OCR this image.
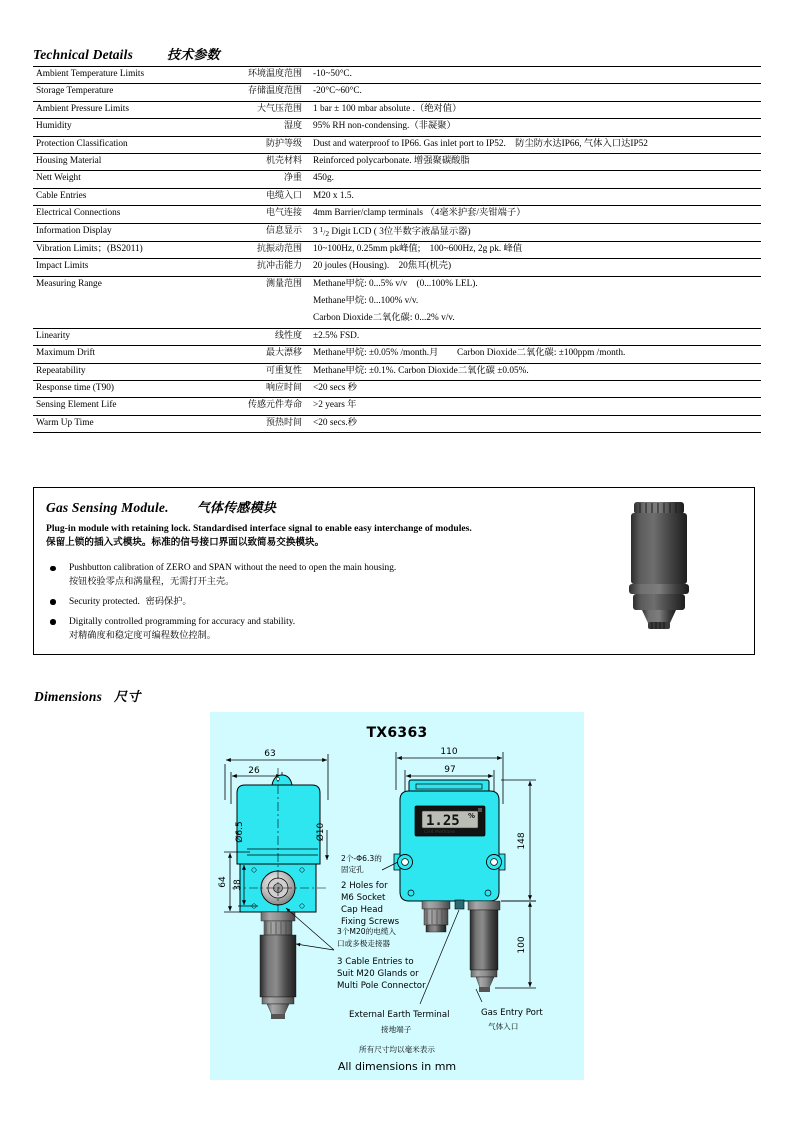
Technical Details	技术参数
Ambient Temperature Limits	环境温度范围	-10~50°C.
Storage Temperature	存储温度范围	-20°C~60°C.
Ambient Pressure Limits	大气压范围	1 bar ± 100 mbar absolute .（绝对值）
Humidity	湿度	95% RH non-condensing.（非凝聚）
Protection Classification	防护等级	Dust and waterproof to IP66. Gas inlet port to IP52.　防尘防水达IP66, 气体入口达IP52
Housing Material	机壳材料	Reinforced polycarbonate. 增强聚碳酸脂
Nett Weight	净重	450g.
Cable Entries	电缆入口	M20 x 1.5.
Electrical Connections	电气连接	4mm Barrier/clamp terminals （4毫米护套/夹钳端子）
Information Display	信息显示	3 $^1/_2$ Digit LCD ( 3位半数字液晶显示器)
Vibration Limits；(BS2011)	抗振动范围	10~100Hz, 0.25mm pk峰值;　100~600Hz, 2g pk. 峰值
Impact Limits	抗冲击能力	20 joules (Housing).　20焦耳(机壳)
Measuring Range	测量范围	Methane甲烷: 0...5% v/v　(0...100% LEL).
Methane甲烷: 0...100% v/v.
Carbon Dioxide二氧化碳: 0...2% v/v.

Linearity	线性度	±2.5% FSD.
Maximum Drift	最大漂移	Methane甲烷: ±0.05% /month.月　　Carbon Dioxide二氧化碳: ±100ppm /month.
Repeatability	可重复性	Methane甲烷: ±0.1%. Carbon Dioxide二氧化碳 ±0.05%.
Response time (T90)	响应时间	<20 secs 秒
Sensing Element Life	传感元件寿命	>2 years 年
Warm Up Time	预热时间	<20 secs.秒
Gas Sensing Module. 气体传感模块
Plug-in module with retaining lock. Standardised interface signal to enable easy interchange of modules.
保留上锁的插入式模块。标准的信号接口界面以致简易交换模块。
Pushbutton calibration of ZERO and SPAN without the need to open the main housing.
按钮校验零点和满量程，无需打开主壳。
Security protected.  密码保护。
Digitally controlled programming for accuracy and stability.
对精确度和稳定度可编程数位控制。
Dimensions 尺寸
TX6363
63
26
Ø6.5	Ø10
64 38
110
97
1.25 %
CH4 Methane	148
100
2个-Φ6.3的
固定孔
2 Holes for
M6 Socket
Cap Head
Fixing Screws
3个M20的电缆入
口或多极走接器
3 Cable Entries to
Suit M20 Glands or
Multi Pole Connector
External Earth Terminal
接地端子
Gas Entry Port
气体入口
所有尺寸均以毫米表示
All dimensions in mm
